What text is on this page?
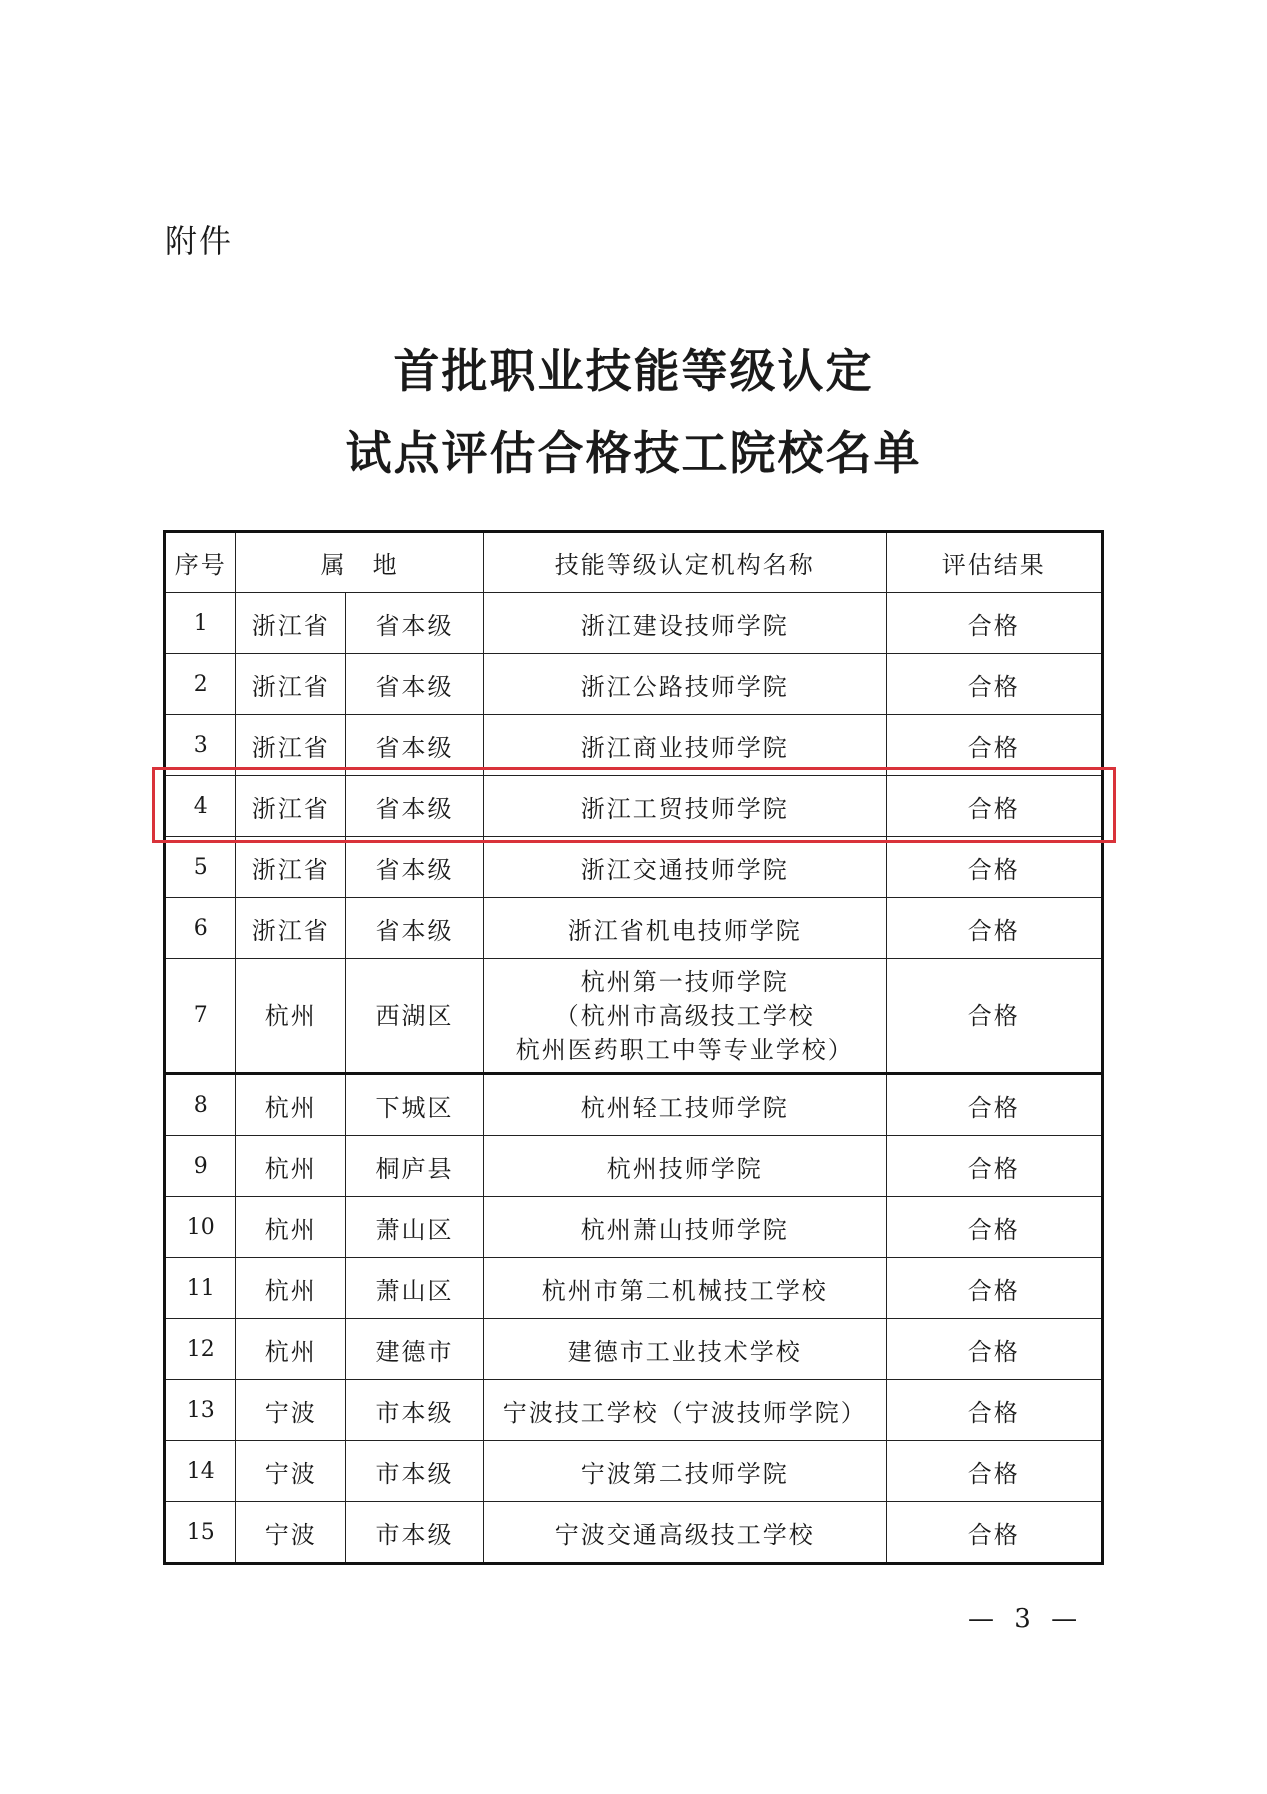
附件
首批职业技能等级认定
试点评估合格技工院校名单
序号	属　地		技能等级认定机构名称	评估结果
1	浙江省	省本级	浙江建设技师学院	合格
2	浙江省	省本级	浙江公路技师学院	合格
3	浙江省	省本级	浙江商业技师学院	合格
4	浙江省	省本级	浙江工贸技师学院	合格
5	浙江省	省本级	浙江交通技师学院	合格
6	浙江省	省本级	浙江省机电技师学院	合格
7	杭州	西湖区	杭州第一技师学院
（杭州市高级技工学校
杭州医药职工中等专业学校）	合格
8	杭州	下城区	杭州轻工技师学院	合格
9	杭州	桐庐县	杭州技师学院	合格
10	杭州	萧山区	杭州萧山技师学院	合格
11	杭州	萧山区	杭州市第二机械技工学校	合格
12	杭州	建德市	建德市工业技术学校	合格
13	宁波	市本级	宁波技工学校（宁波技师学院）	合格
14	宁波	市本级	宁波第二技师学院	合格
15	宁波	市本级	宁波交通高级技工学校	合格
— 3 —
